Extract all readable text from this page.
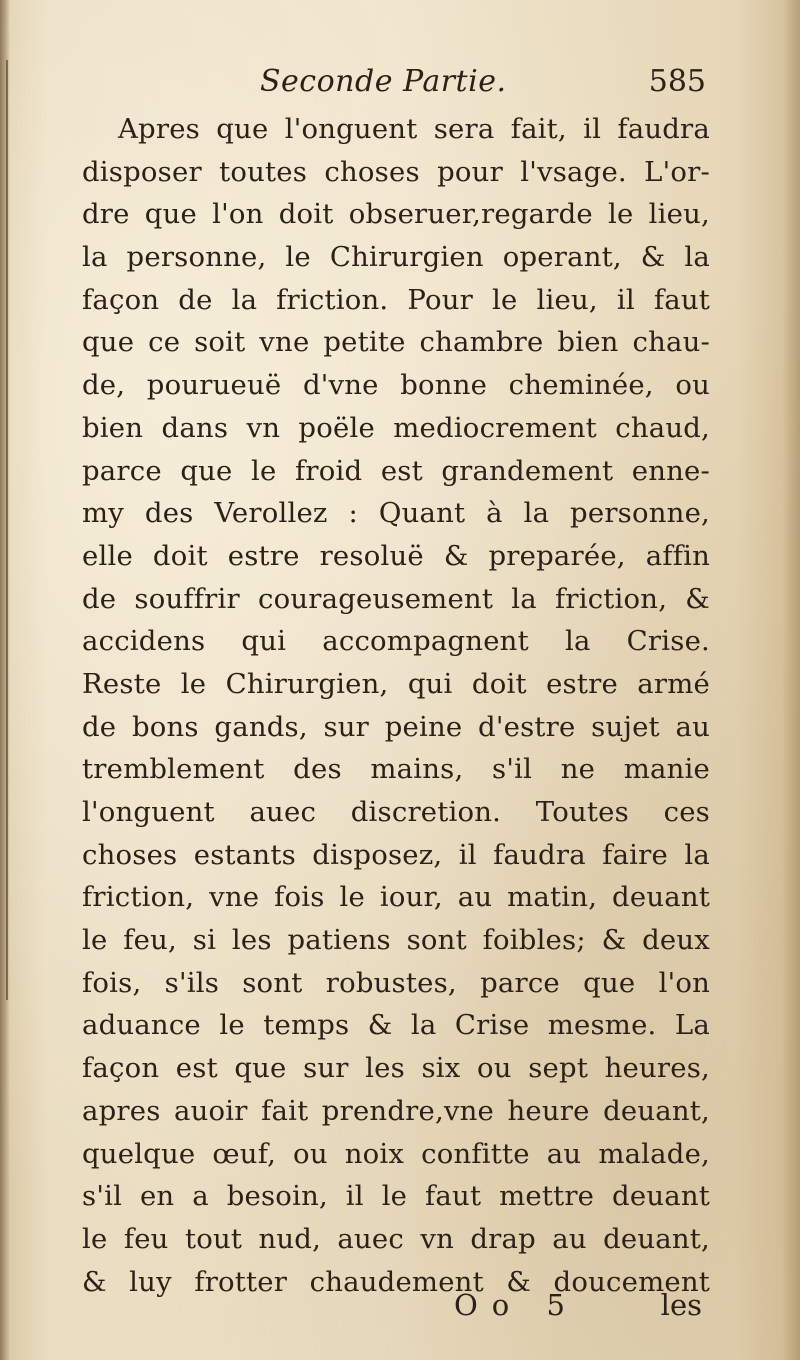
Seconde Partie.	585
Apres que l'onguent sera fait, il faudra
disposer toutes choses pour l'vsage. L'or-
dre que l'on doit obseruer,regarde le lieu,
la personne, le Chirurgien operant, & la
façon de la friction. Pour le lieu, il faut
que ce soit vne petite chambre bien chau-
de, pourueuë d'vne bonne cheminée, ou
bien dans vn poële mediocrement chaud,
parce que le froid est grandement enne-
my des Verollez : Quant à la personne,
elle doit estre resoluë & preparée, affin
de souffrir courageusement la friction, &
accidens qui accompagnent la Crise.
Reste le Chirurgien, qui doit estre armé
de bons gands, sur peine d'estre sujet au
tremblement des mains, s'il ne manie
l'onguent auec discretion. Toutes ces
choses estants disposez, il faudra faire la
friction, vne fois le iour, au matin, deuant
le feu, si les patiens sont foibles; & deux
fois, s'ils sont robustes, parce que l'on
aduance le temps & la Crise mesme. La
façon est que sur les six ou sept heures,
apres auoir fait prendre,vne heure deuant,
quelque œuf, ou noix confitte au malade,
s'il en a besoin, il le faut mettre deuant
le feu tout nud, auec vn drap au deuant,
& luy frotter chaudement & doucement
Oo 5	les
